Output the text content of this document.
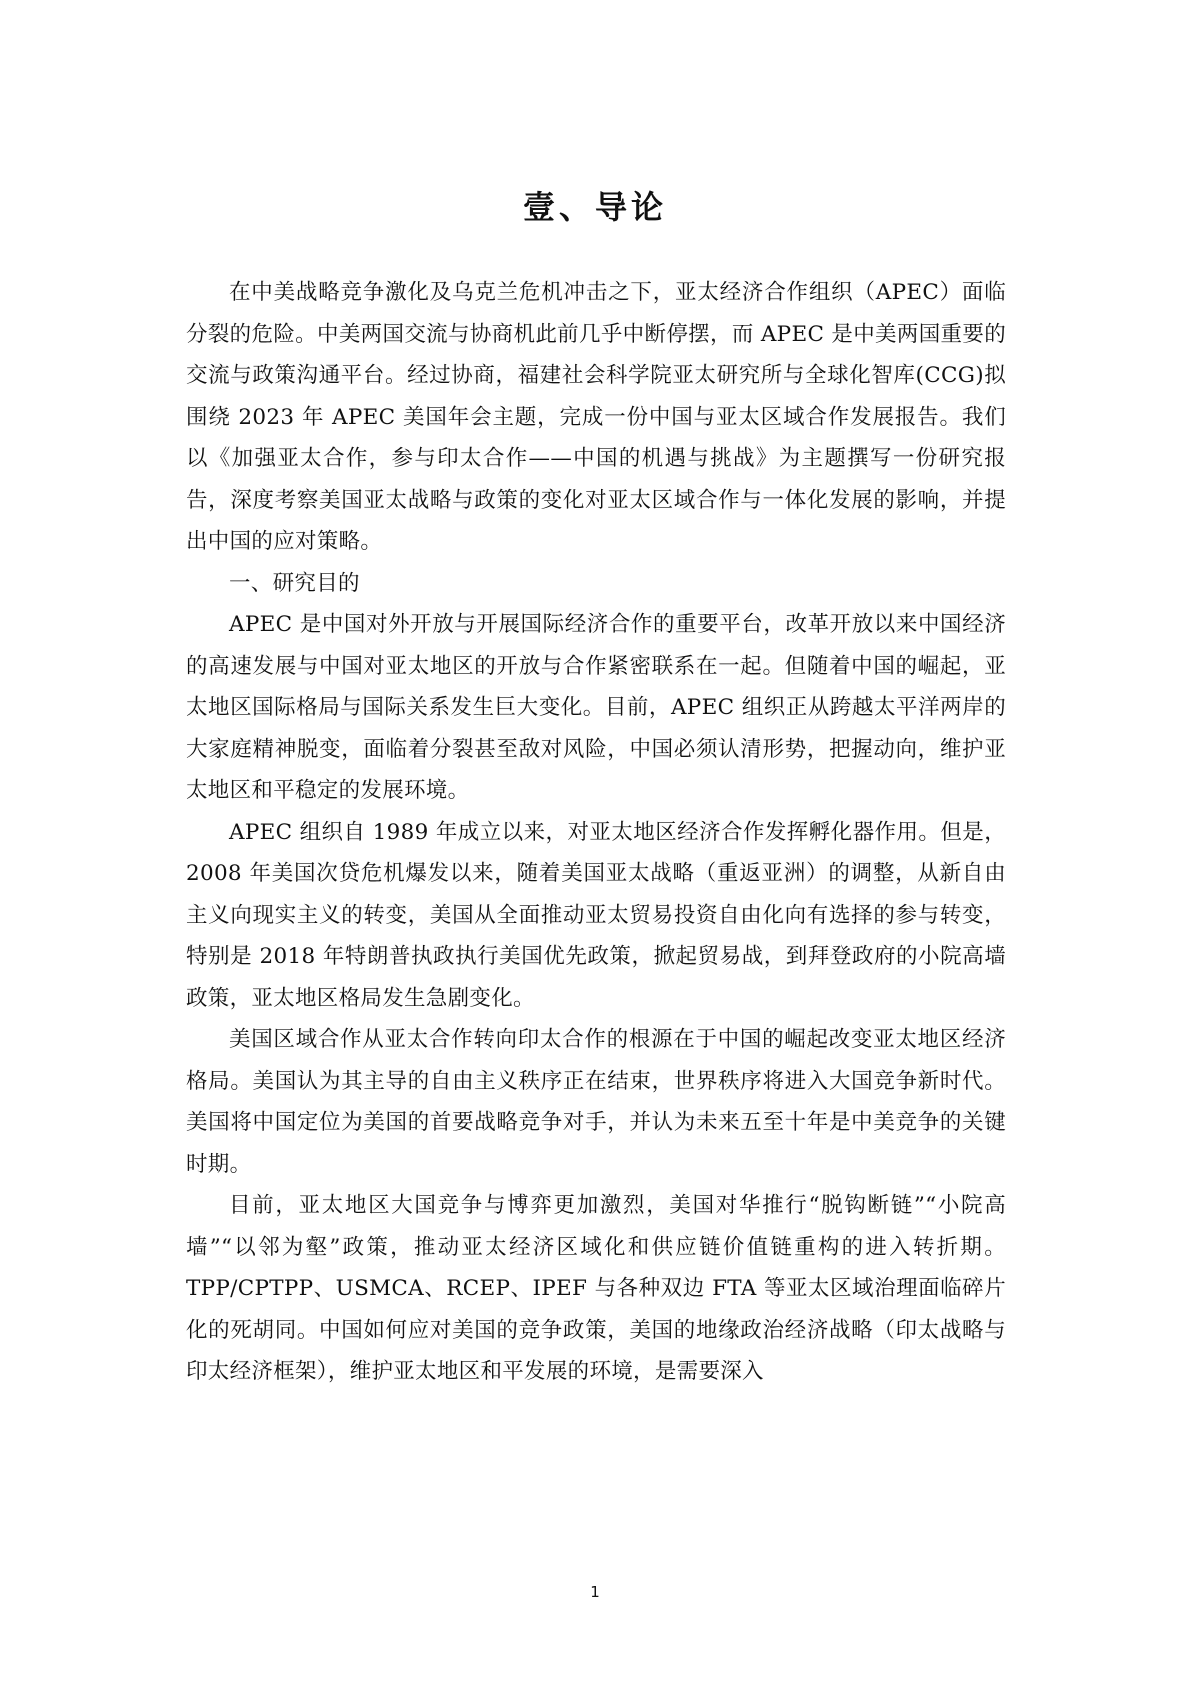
壹、导论

在中美战略竞争激化及乌克兰危机冲击之下，亚太经济合作组织（APEC）面临分裂的危险。中美两国交流与协商机此前几乎中断停摆，而 APEC 是中美两国重要的交流与政策沟通平台。经过协商，福建社会科学院亚太研究所与全球化智库(CCG)拟围绕 2023 年 APEC 美国年会主题，完成一份中国与亚太区域合作发展报告。我们以《加强亚太合作，参与印太合作——中国的机遇与挑战》为主题撰写一份研究报告，深度考察美国亚太战略与政策的变化对亚太区域合作与一体化发展的影响，并提出中国的应对策略。

一、研究目的

APEC 是中国对外开放与开展国际经济合作的重要平台，改革开放以来中国经济的高速发展与中国对亚太地区的开放与合作紧密联系在一起。但随着中国的崛起，亚太地区国际格局与国际关系发生巨大变化。目前，APEC 组织正从跨越太平洋两岸的大家庭精神脱变，面临着分裂甚至敌对风险，中国必须认清形势，把握动向，维护亚太地区和平稳定的发展环境。

APEC 组织自 1989 年成立以来，对亚太地区经济合作发挥孵化器作用。但是，2008 年美国次贷危机爆发以来，随着美国亚太战略（重返亚洲）的调整，从新自由主义向现实主义的转变，美国从全面推动亚太贸易投资自由化向有选择的参与转变，特别是 2018 年特朗普执政执行美国优先政策，掀起贸易战，到拜登政府的小院高墙政策，亚太地区格局发生急剧变化。

美国区域合作从亚太合作转向印太合作的根源在于中国的崛起改变亚太地区经济格局。美国认为其主导的自由主义秩序正在结束，世界秩序将进入大国竞争新时代。美国将中国定位为美国的首要战略竞争对手，并认为未来五至十年是中美竞争的关键时期。

目前，亚太地区大国竞争与博弈更加激烈，美国对华推行“脱钩断链”“小院高墙”“以邻为壑”政策，推动亚太经济区域化和供应链价值链重构的进入转折期。TPP/CPTPP、USMCA、RCEP、IPEF 与各种双边 FTA 等亚太区域治理面临碎片化的死胡同。中国如何应对美国的竞争政策，美国的地缘政治经济战略（印太战略与印太经济框架），维护亚太地区和平发展的环境，是需要深入

1
